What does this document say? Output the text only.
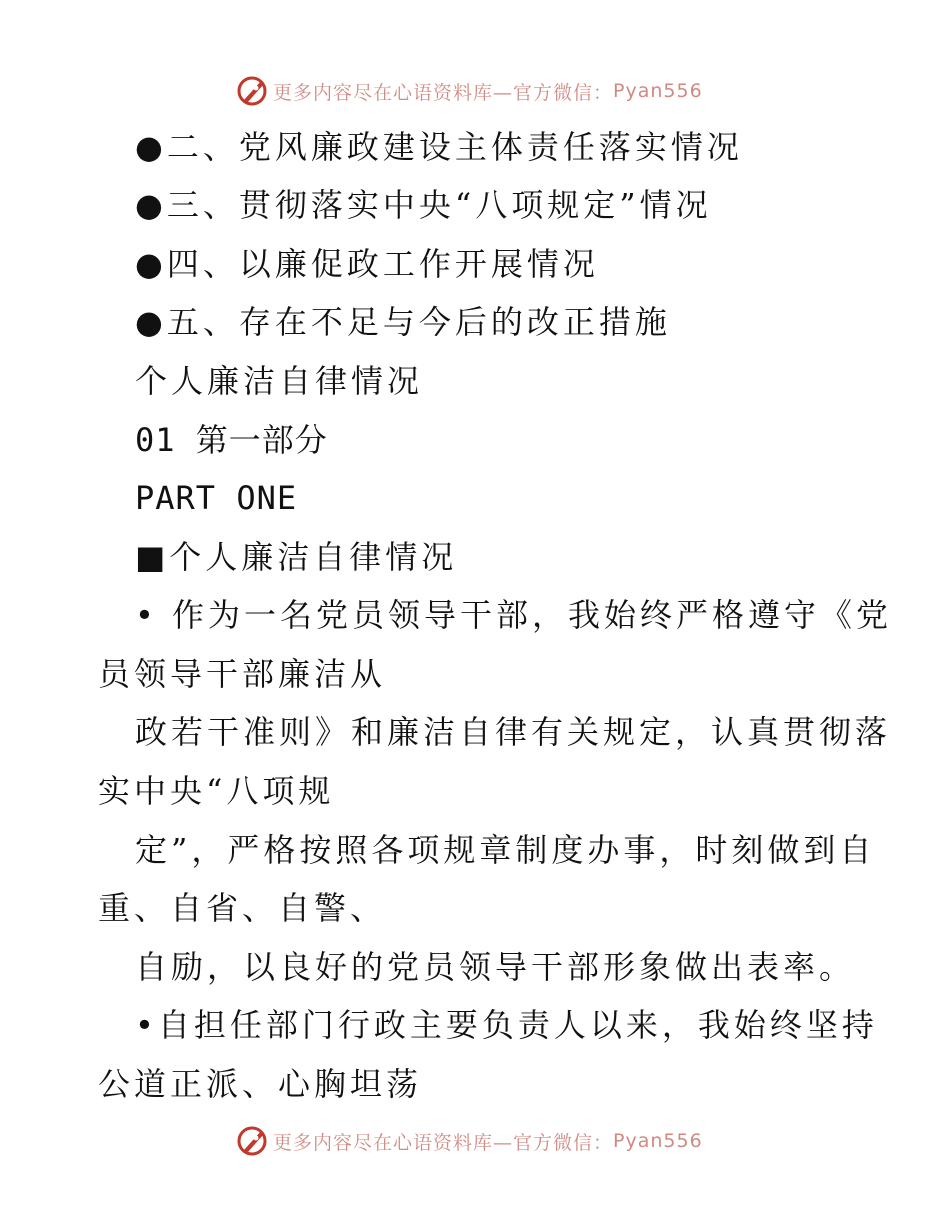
更多内容尽在心语资料库—官方微信： Pyan556
●二、党风廉政建设主体责任落实情况
●三、贯彻落实中央“八项规定”情况
●四、以廉促政工作开展情况
●五、存在不足与今后的改正措施
个人廉洁自律情况
01 第一部分
PART ONE
■个人廉洁自律情况
• 作为一名党员领导干部，我始终严格遵守《党
员领导干部廉洁从
政若干准则》和廉洁自律有关规定，认真贯彻落
实中央“八项规
定”，严格按照各项规章制度办事，时刻做到自
重、自省、自警、
自励，以良好的党员领导干部形象做出表率。
•自担任部门行政主要负责人以来，我始终坚持
公道正派、心胸坦荡
更多内容尽在心语资料库—官方微信： Pyan556
